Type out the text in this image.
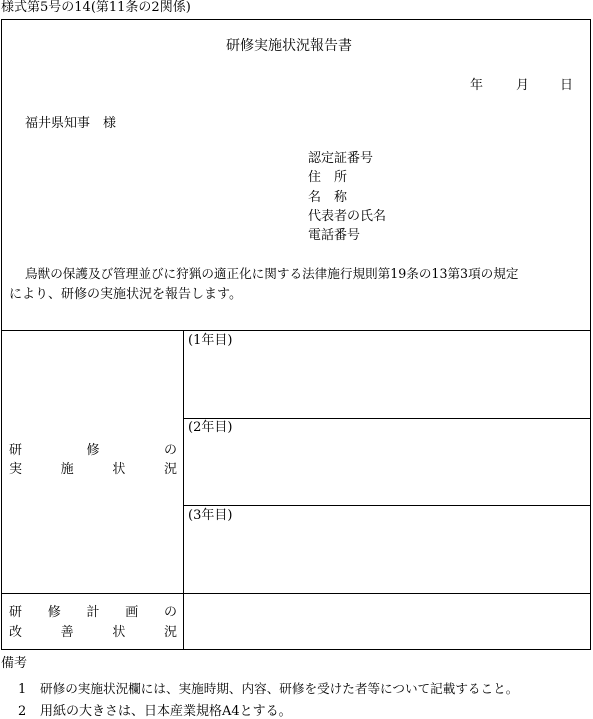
様式第5号の14(第11条の2関係)
研修実施状況報告書
年	月 日
福井県知事　様
認定証番号
住　所
名　称
代表者の氏名
電話番号
鳥獣の保護及び管理並びに狩猟の適正化に関する法律施行規則第19条の13第3項の規定
により、研修の実施状況を報告します。
研	修	の
実	施	状	況
(1年目)
(2年目)
(3年目)
研 修 計 画 の
改	善	状	況
備考
1 研修の実施状況欄には、実施時期、内容、研修を受けた者等について記載すること。
2 用紙の大きさは、日本産業規格A4とする。
